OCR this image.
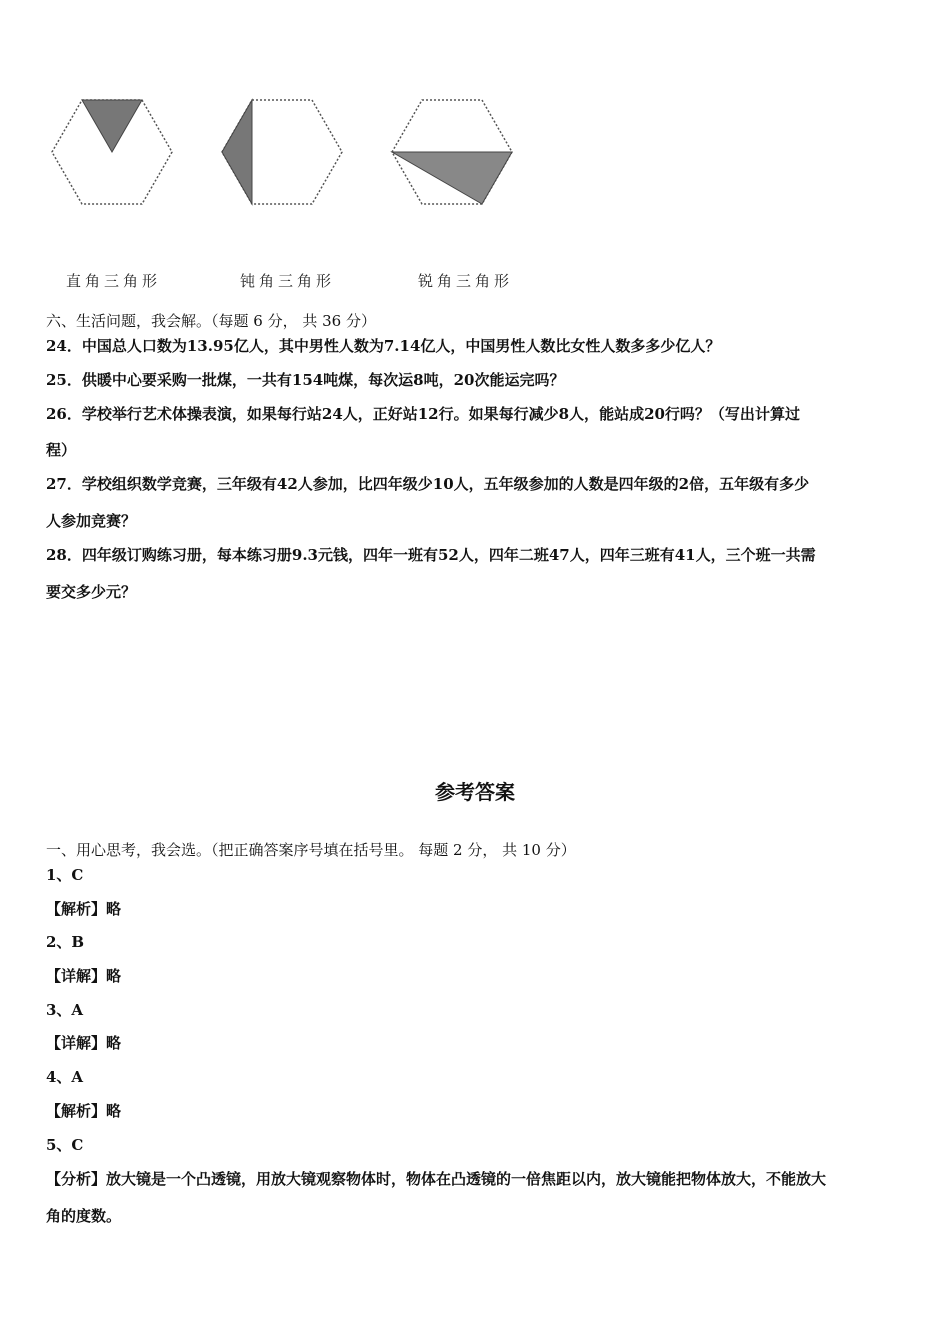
直角三角形	钝角三角形	锐角三角形
六、生活问题，我会解。（每题 6 分， 共 36 分）
24．中国总人口数为13.95亿人，其中男性人数为7.14亿人，中国男性人数比女性人数多多少亿人？
25．供暖中心要采购一批煤，一共有154吨煤，每次运8吨，20次能运完吗？
26．学校举行艺术体操表演，如果每行站24人，正好站12行。如果每行减少8人，能站成20行吗？（写出计算过
程）
27．学校组织数学竞赛，三年级有42人参加，比四年级少10人，五年级参加的人数是四年级的2倍，五年级有多少
人参加竞赛？
28．四年级订购练习册，每本练习册9.3元钱，四年一班有52人，四年二班47人，四年三班有41人，三个班一共需
要交多少元？
参考答案
一、用心思考，我会选。（把正确答案序号填在括号里。 每题 2 分， 共 10 分）
1、C
【解析】略
2、B
【详解】略
3、A
【详解】略
4、A
【解析】略
5、C
【分析】放大镜是一个凸透镜，用放大镜观察物体时，物体在凸透镜的一倍焦距以内，放大镜能把物体放大，不能放大
角的度数。
